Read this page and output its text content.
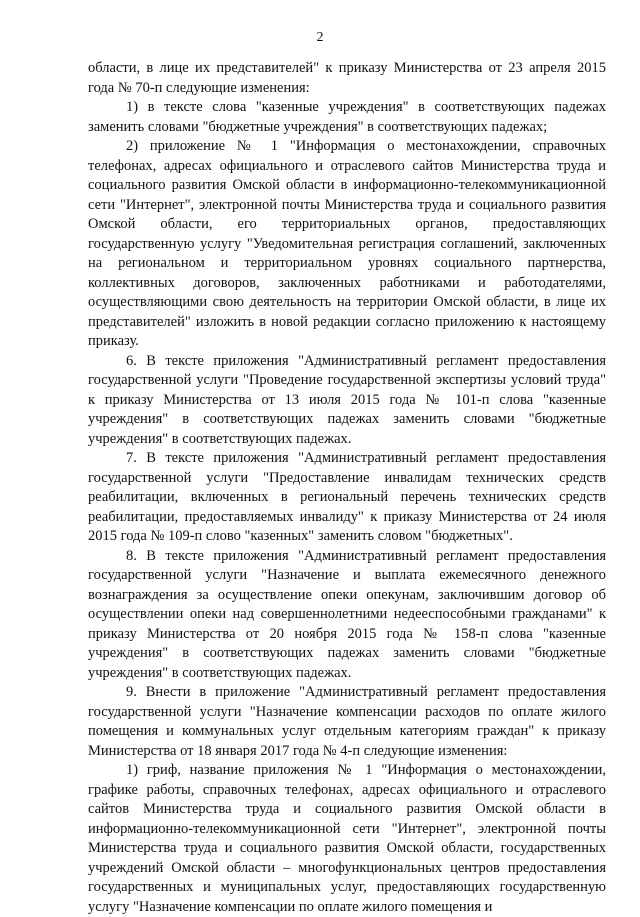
2

области, в лице их представителей" к приказу Министерства от 23 апреля 2015 года № 70-п следующие изменения:

1) в тексте слова "казенные учреждения" в соответствующих падежах заменить словами "бюджетные учреждения" в соответствующих падежах;

2) приложение № 1 "Информация о местонахождении, справочных телефонах, адресах официального и отраслевого сайтов Министерства труда и социального развития Омской области в информационно-телекоммуникационной сети "Интернет", электронной почты Министерства труда и социального развития Омской области, его территориальных органов, предоставляющих государственную услугу "Уведомительная регистрация соглашений, заключенных на региональном и территориальном уровнях социального партнерства, коллективных договоров, заключенных работниками и работодателями, осуществляющими свою деятельность на территории Омской области, в лице их представителей" изложить в новой редакции согласно приложению к настоящему приказу.

6. В тексте приложения "Административный регламент предоставления государственной услуги "Проведение государственной экспертизы условий труда" к приказу Министерства от 13 июля 2015 года № 101-п слова "казенные учреждения" в соответствующих падежах заменить словами "бюджетные учреждения" в соответствующих падежах.

7. В тексте приложения "Административный регламент предоставления государственной услуги "Предоставление инвалидам технических средств реабилитации, включенных в региональный перечень технических средств реабилитации, предоставляемых инвалиду" к приказу Министерства от 24 июля 2015 года № 109-п слово "казенных" заменить словом "бюджетных".

8. В тексте приложения "Административный регламент предоставления государственной услуги "Назначение и выплата ежемесячного денежного вознаграждения за осуществление опеки опекунам, заключившим договор об осуществлении опеки над совершеннолетними недееспособными гражданами" к приказу Министерства от 20 ноября 2015 года № 158-п слова "казенные учреждения" в соответствующих падежах заменить словами "бюджетные учреждения" в соответствующих падежах.

9. Внести в приложение "Административный регламент предоставления государственной услуги "Назначение компенсации расходов по оплате жилого помещения и коммунальных услуг отдельным категориям граждан" к приказу Министерства от 18 января 2017 года № 4-п следующие изменения:

1) гриф, название приложения № 1 "Информация о местонахождении, графике работы, справочных телефонах, адресах официального и отраслевого сайтов Министерства труда и социального развития Омской области в информационно-телекоммуникационной сети "Интернет", электронной почты Министерства труда и социального развития Омской области, государственных учреждений Омской области – многофункциональных центров предоставления государственных и муниципальных услуг, предоставляющих государственную услугу "Назначение компенсации по оплате жилого помещения и
